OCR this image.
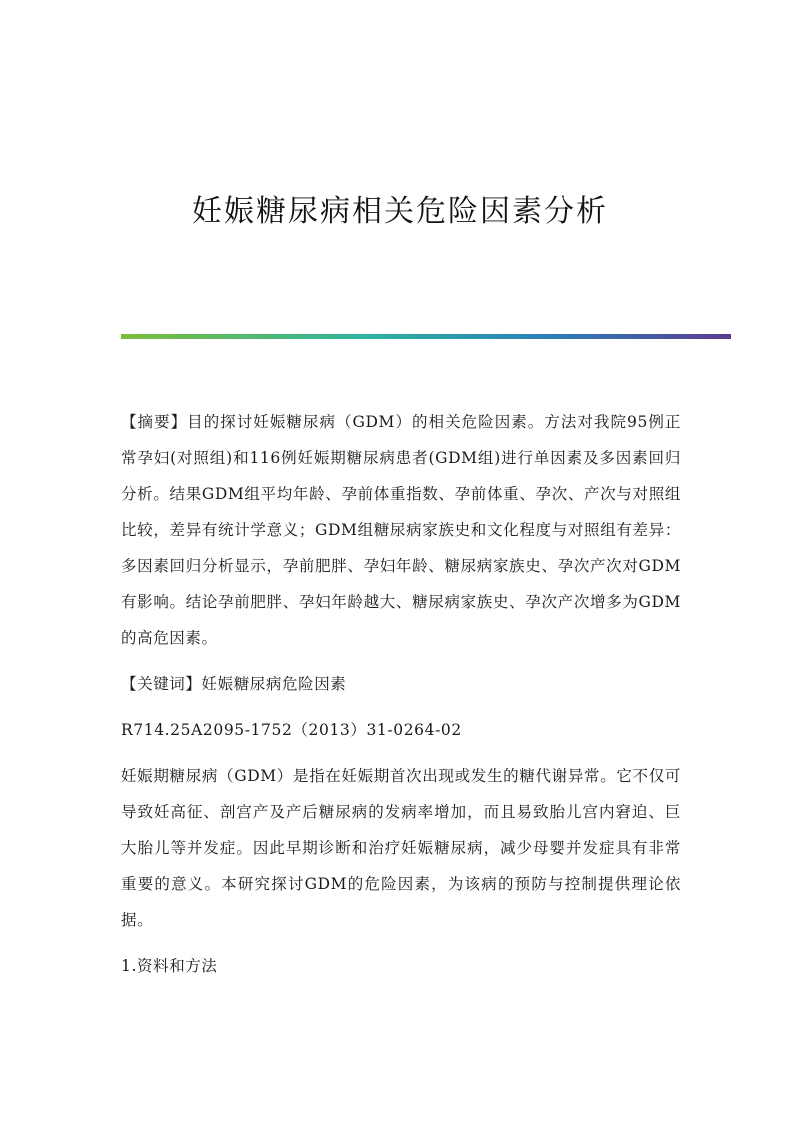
妊娠糖尿病相关危险因素分析

【摘要】目的探讨妊娠糖尿病（GDM）的相关危险因素。方法对我院95例正常孕妇(对照组)和116例妊娠期糖尿病患者(GDM组)进行单因素及多因素回归分析。结果GDM组平均年龄、孕前体重指数、孕前体重、孕次、产次与对照组比较，差异有统计学意义；GDM组糖尿病家族史和文化程度与对照组有差异：多因素回归分析显示，孕前肥胖、孕妇年龄、糖尿病家族史、孕次产次对GDM有影响。结论孕前肥胖、孕妇年龄越大、糖尿病家族史、孕次产次增多为GDM的高危因素。

【关键词】妊娠糖尿病危险因素

R714.25A2095-1752（2013）31-0264-02

妊娠期糖尿病（GDM）是指在妊娠期首次出现或发生的糖代谢异常。它不仅可导致妊高征、剖宫产及产后糖尿病的发病率增加，而且易致胎儿宫内窘迫、巨大胎儿等并发症。因此早期诊断和治疗妊娠糖尿病，减少母婴并发症具有非常重要的意义。本研究探讨GDM的危险因素，为该病的预防与控制提供理论依据。

1.资料和方法
